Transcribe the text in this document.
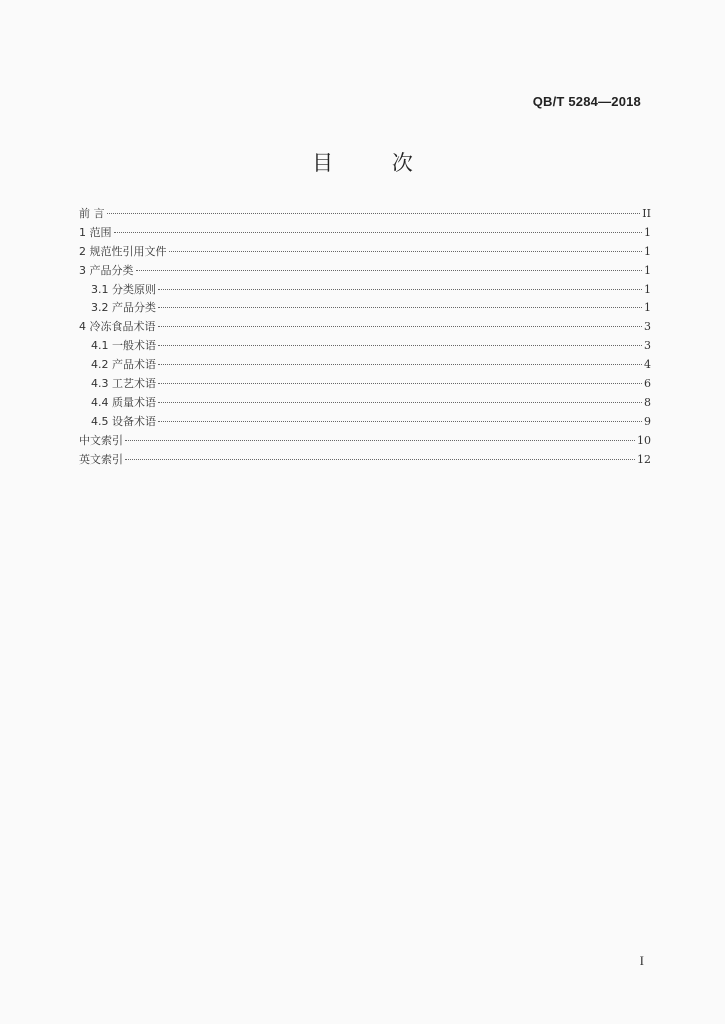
QB/T 5284—2018
目 次
前 言	II
1 范围	1
2 规范性引用文件	1
3 产品分类	1
3.1 分类原则	1
3.2 产品分类	1
4 冷冻食品术语	3
4.1 一般术语	3
4.2 产品术语	4
4.3 工艺术语	6
4.4 质量术语	8
4.5 设备术语	9
中文索引	10
英文索引	12
I
